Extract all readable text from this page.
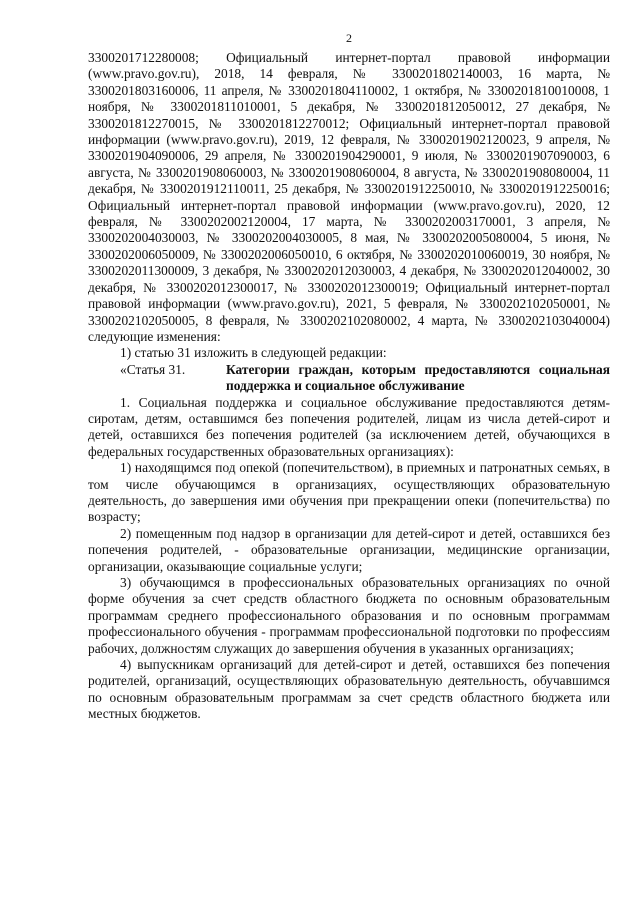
2

3300201712280008; Официальный интернет-портал правовой информации (www.pravo.gov.ru), 2018, 14 февраля, № 3300201802140003, 16 марта, № 3300201803160006, 11 апреля, № 3300201804110002, 1 октября, № 3300201810010008, 1 ноября, № 3300201811010001, 5 декабря, № 3300201812050012, 27 декабря, № 3300201812270015, № 3300201812270012; Официальный интернет-портал правовой информации (www.pravo.gov.ru), 2019, 12 февраля, № 3300201902120023, 9 апреля, № 3300201904090006, 29 апреля, № 3300201904290001, 9 июля, № 3300201907090003, 6 августа, № 3300201908060003, № 3300201908060004, 8 августа, № 3300201908080004, 11 декабря, № 3300201912110011, 25 декабря, № 3300201912250010, № 3300201912250016; Официальный интернет-портал правовой информации (www.pravo.gov.ru), 2020, 12 февраля, № 3300202002120004, 17 марта, № 3300202003170001, 3 апреля, № 3300202004030003, № 3300202004030005, 8 мая, № 3300202005080004, 5 июня, № 3300202006050009, № 3300202006050010, 6 октября, № 3300202010060019, 30 ноября, № 3300202011300009, 3 декабря, № 3300202012030003, 4 декабря, № 3300202012040002, 30 декабря, № 3300202012300017, № 3300202012300019; Официальный интернет-портал правовой информации (www.pravo.gov.ru), 2021, 5 февраля, № 3300202102050001, № 3300202102050005, 8 февраля, № 3300202102080002, 4 марта, № 3300202103040004) следующие изменения:

1) статью 31 изложить в следующей редакции:

«Статья 31.	Категории граждан, которым предоставляются социальная поддержка и социальное обслуживание

1. Социальная поддержка и социальное обслуживание предоставляются детям-сиротам, детям, оставшимся без попечения родителей, лицам из числа детей-сирот и детей, оставшихся без попечения родителей (за исключением детей, обучающихся в федеральных государственных образовательных организациях):

1) находящимся под опекой (попечительством), в приемных и патронатных семьях, в том числе обучающимся в организациях, осуществляющих образовательную деятельность, до завершения ими обучения при прекращении опеки (попечительства) по возрасту;

2) помещенным под надзор в организации для детей-сирот и детей, оставшихся без попечения родителей, - образовательные организации, медицинские организации, организации, оказывающие социальные услуги;

3) обучающимся в профессиональных образовательных организациях по очной форме обучения за счет средств областного бюджета по основным образовательным программам среднего профессионального образования и по основным программам профессионального обучения - программам профессиональной подготовки по профессиям рабочих, должностям служащих до завершения обучения в указанных организациях;

4) выпускникам организаций для детей-сирот и детей, оставшихся без попечения родителей, организаций, осуществляющих образовательную деятельность, обучавшимся по основным образовательным программам за счет средств областного бюджета или местных бюджетов.
